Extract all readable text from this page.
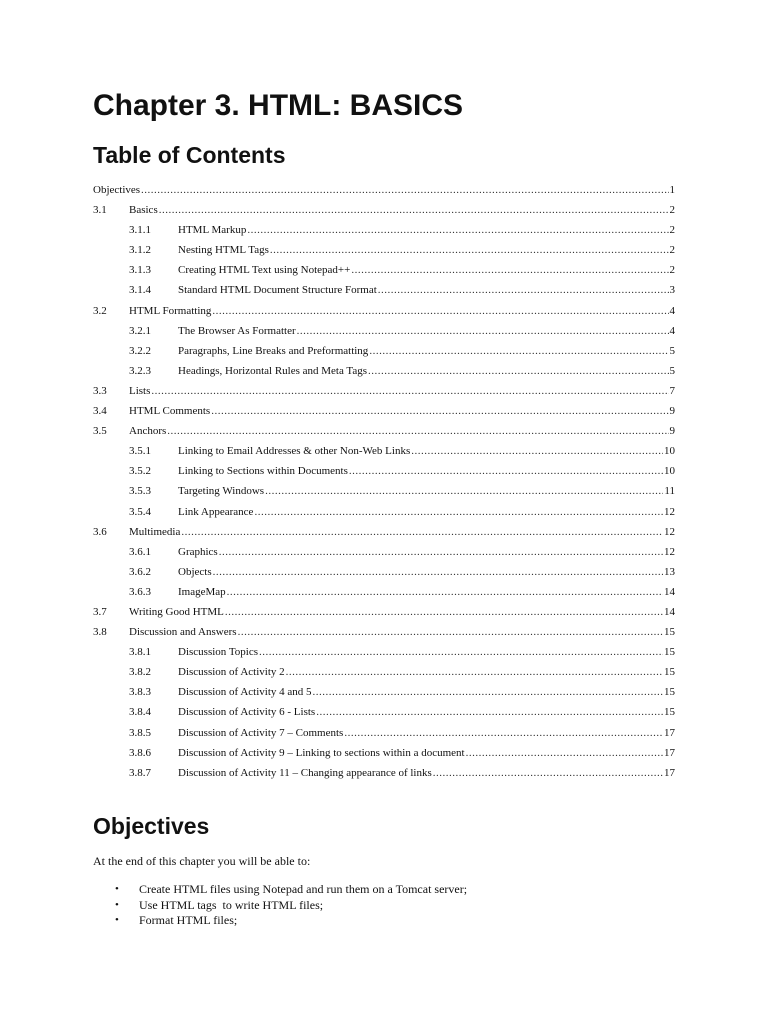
Chapter 3. HTML: BASICS
Table of Contents
Objectives .....	1
3.1	Basics .....	2
3.1.1	HTML Markup .....	2
3.1.2	Nesting HTML Tags .....	2
3.1.3	Creating HTML Text using Notepad++ .....	2
3.1.4	Standard HTML Document Structure Format .....	3
3.2	HTML Formatting .....	4
3.2.1	The Browser As Formatter .....	4
3.2.2	Paragraphs, Line Breaks and Preformatting .....	5
3.2.3	Headings, Horizontal Rules and Meta Tags .....	5
3.3	Lists .....	7
3.4	HTML Comments .....	9
3.5	Anchors .....	9
3.5.1	Linking to Email Addresses & other Non-Web Links .....	10
3.5.2	Linking to Sections within Documents .....	10
3.5.3	Targeting Windows .....	11
3.5.4	Link Appearance .....	12
3.6	Multimedia .....	12
3.6.1	Graphics .....	12
3.6.2	Objects .....	13
3.6.3	ImageMap .....	14
3.7	Writing Good HTML .....	14
3.8	Discussion and Answers .....	15
3.8.1	Discussion Topics .....	15
3.8.2	Discussion of Activity 2 .....	15
3.8.3	Discussion of Activity 4 and 5 .....	15
3.8.4	Discussion of Activity 6 - Lists .....	15
3.8.5	Discussion of Activity 7 – Comments .....	17
3.8.6	Discussion of Activity 9 – Linking to sections within a document .....	17
3.8.7	Discussion of Activity 11 – Changing appearance of links .....	17
Objectives

At the end of this chapter you will be able to:

• Create HTML files using Notepad and run them on a Tomcat server;
• Use HTML tags  to write HTML files;
• Format HTML files;
